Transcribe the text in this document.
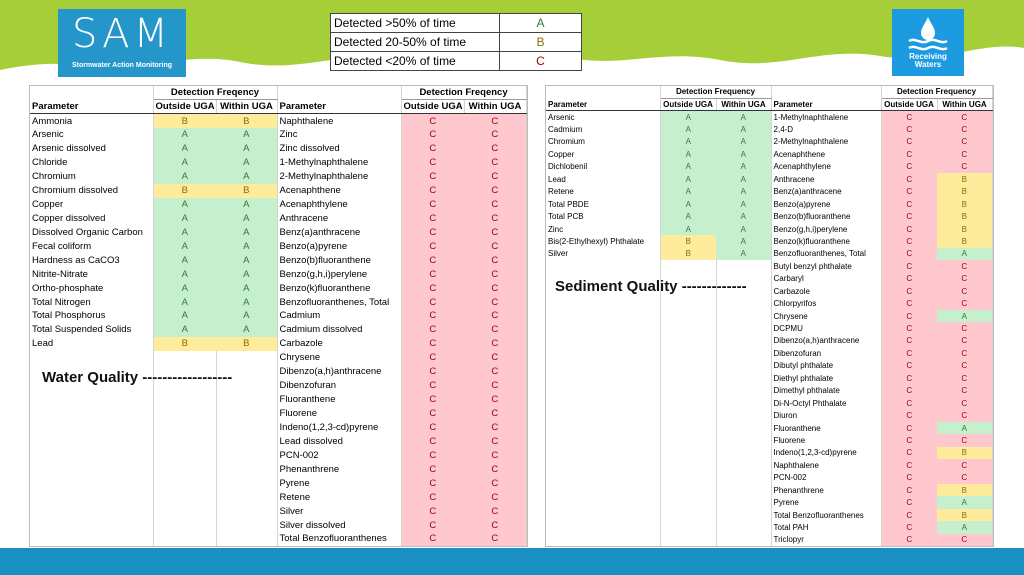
SAM
Stormwater Action Monitoring
Receiving
Waters
Detected >50% of time	A
Detected 20-50% of time	B
Detected <20% of time	C
	Detection Freqency			Detection Freqency	
Parameter	Outside UGA	Within UGA	Parameter	Outside UGA	Within UGA
Ammonia	B	B	Naphthalene	C	C
Arsenic	A	A	Zinc	C	C
Arsenic dissolved	A	A	Zinc dissolved	C	C
Chloride	A	A	1-Methylnaphthalene	C	C
Chromium	A	A	2-Methylnaphthalene	C	C
Chromium dissolved	B	B	Acenaphthene	C	C
Copper	A	A	Acenaphthylene	C	C
Copper dissolved	A	A	Anthracene	C	C
Dissolved Organic Carbon	A	A	Benz(a)anthracene	C	C
Fecal coliform	A	A	Benzo(a)pyrene	C	C
Hardness as CaCO3	A	A	Benzo(b)fluoranthene	C	C
Nitrite-Nitrate	A	A	Benzo(g,h,i)perylene	C	C
Ortho-phosphate	A	A	Benzo(k)fluoranthene	C	C
Total Nitrogen	A	A	Benzofluoranthenes, Total	C	C
Total Phosphorus	A	A	Cadmium	C	C
Total Suspended Solids	A	A	Cadmium dissolved	C	C
Lead	B	B	Carbazole	C	C
			Chrysene	C	C
			Dibenzo(a,h)anthracene	C	C
			Dibenzofuran	C	C
			Fluoranthene	C	C
			Fluorene	C	C
			Indeno(1,2,3-cd)pyrene	C	C
			Lead dissolved	C	C
			PCN-002	C	C
			Phenanthrene	C	C
			Pyrene	C	C
			Retene	C	C
			Silver	C	C
			Silver dissolved	C	C
			Total Benzofluoranthenes	C	C
	Detection Frequency			Detection Frequency	
Parameter	Outside UGA	Within UGA	Parameter	Outside UGA	Within UGA
Arsenic	A	A	1-Methylnaphthalene	C	C
Cadmium	A	A	2,4-D	C	C
Chromium	A	A	2-Methylnaphthalene	C	C
Copper	A	A	Acenaphthene	C	C
Dichlobenil	A	A	Acenaphthylene	C	C
Lead	A	A	Anthracene	C	B
Retene	A	A	Benz(a)anthracene	C	B
Total PBDE	A	A	Benzo(a)pyrene	C	B
Total PCB	A	A	Benzo(b)fluoranthene	C	B
Zinc	A	A	Benzo(g,h,i)perylene	C	B
Bis(2-Ethylhexyl) Phthalate	B	A	Benzo(k)fluoranthene	C	B
Silver	B	A	Benzofluoranthenes, Total	C	A
			Butyl benzyl phthalate	C	C
			Carbaryl	C	C
			Carbazole	C	C
			Chlorpyrifos	C	C
			Chrysene	C	A
			DCPMU	C	C
			Dibenzo(a,h)anthracene	C	C
			Dibenzofuran	C	C
			Dibutyl phthalate	C	C
			Diethyl phthalate	C	C
			Dimethyl phthalate	C	C
			Di-N-Octyl Phthalate	C	C
			Diuron	C	C
			Fluoranthene	C	A
			Fluorene	C	C
			Indeno(1,2,3-cd)pyrene	C	B
			Naphthalene	C	C
			PCN-002	C	C
			Phenanthrene	C	B
			Pyrene	C	A
			Total Benzofluoranthenes	C	B
			Total PAH	C	A
			Triclopyr	C	C
Water Quality ------------------
Sediment Quality -------------
